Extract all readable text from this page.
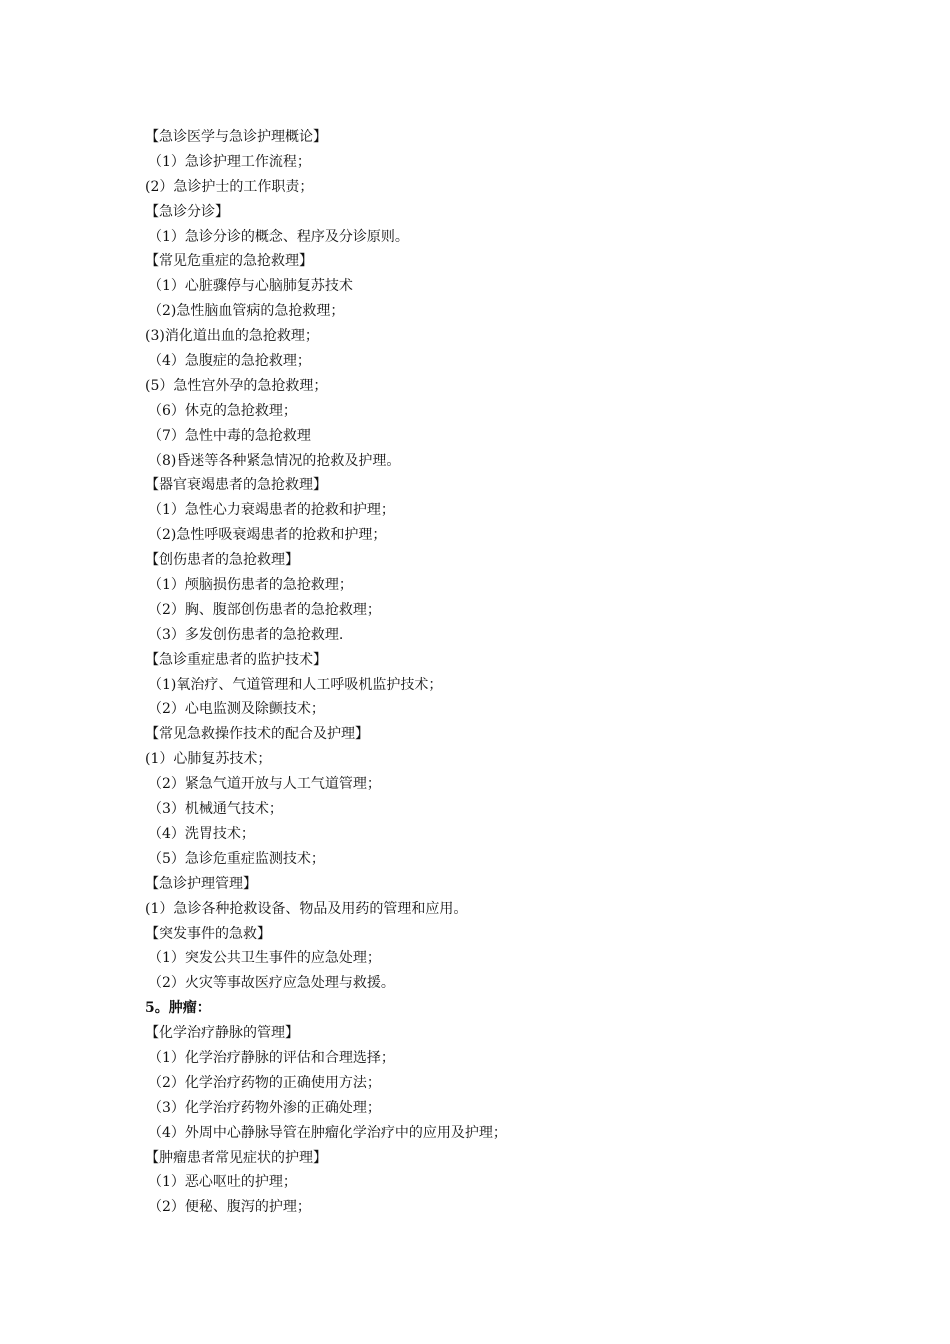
【急诊医学与急诊护理概论】
（1）急诊护理工作流程；
(2）急诊护士的工作职责；
【急诊分诊】
（1）急诊分诊的概念、程序及分诊原则。
【常见危重症的急抢救理】
（1）心脏骤停与心脑肺复苏技术
（2)急性脑血管病的急抢救理；
(3)消化道出血的急抢救理；
（4）急腹症的急抢救理；
(5）急性宫外孕的急抢救理；
（6）休克的急抢救理；
（7）急性中毒的急抢救理
（8)昏迷等各种紧急情况的抢救及护理。
【器官衰竭患者的急抢救理】
（1）急性心力衰竭患者的抢救和护理；
（2)急性呼吸衰竭患者的抢救和护理；
【创伤患者的急抢救理】
（1）颅脑损伤患者的急抢救理；
（2）胸、腹部创伤患者的急抢救理；
（3）多发创伤患者的急抢救理.
【急诊重症患者的监护技术】
（1)氧治疗、气道管理和人工呼吸机监护技术；
（2）心电监测及除颤技术；
【常见急救操作技术的配合及护理】
(1）心肺复苏技术；
（2）紧急气道开放与人工气道管理；
（3）机械通气技术；
（4）洗胃技术；
（5）急诊危重症监测技术；
【急诊护理管理】
(1）急诊各种抢救设备、物品及用药的管理和应用。
【突发事件的急救】
（1）突发公共卫生事件的应急处理；
（2）火灾等事故医疗应急处理与救援。
5。肿瘤：
【化学治疗静脉的管理】
（1）化学治疗静脉的评估和合理选择；
（2）化学治疗药物的正确使用方法；
（3）化学治疗药物外渗的正确处理；
（4）外周中心静脉导管在肿瘤化学治疗中的应用及护理；
【肿瘤患者常见症状的护理】
（1）恶心呕吐的护理；
（2）便秘、腹泻的护理；
